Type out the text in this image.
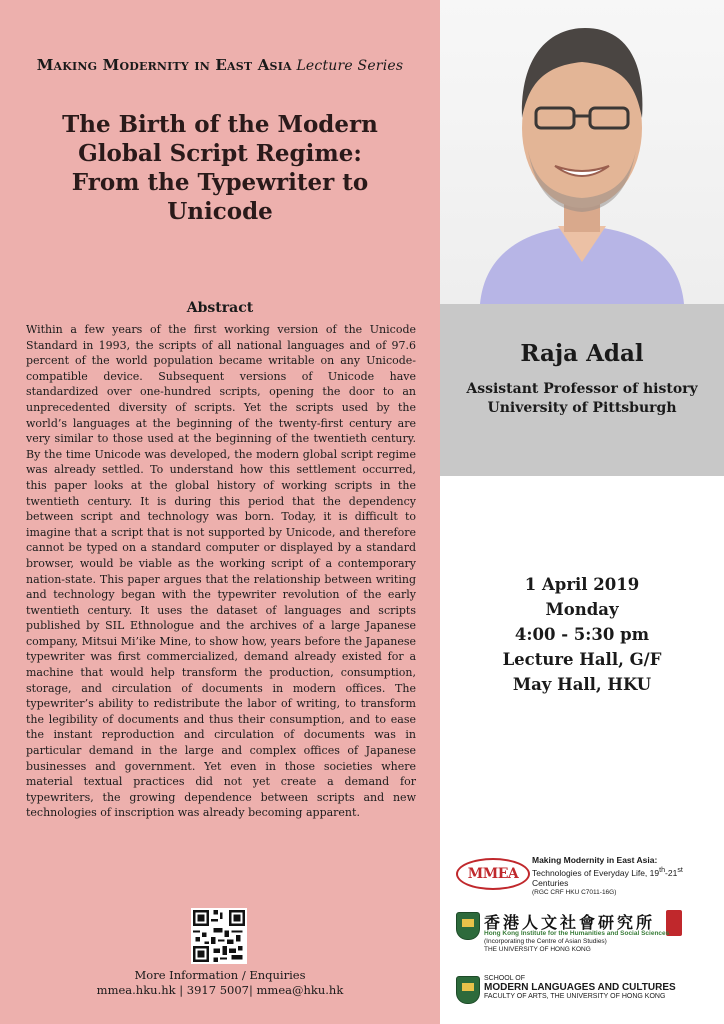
Making Modernity in East Asia Lecture Series
The Birth of the Modern
Global Script Regime:
From the Typewriter to Unicode
Abstract
Within a few years of the first working version of the Unicode Standard in 1993, the scripts of all national languages and of 97.6 percent of the world population became writable on any Unicode-compatible device. Subsequent versions of Unicode have standardized over one-hundred scripts, opening the door to an unprecedented diversity of scripts. Yet the scripts used by the world’s languages at the beginning of the twenty-first century are very similar to those used at the beginning of the twentieth century. By the time Unicode was developed, the modern global script regime was already settled. To understand how this settlement occurred, this paper looks at the global history of working scripts in the twentieth century. It is during this period that the dependency between script and technology was born. Today, it is difficult to imagine that a script that is not supported by Unicode, and therefore cannot be typed on a standard computer or displayed by a standard browser, would be viable as the working script of a contemporary nation-state. This paper argues that the relationship between writing and technology began with the typewriter revolution of the early twentieth century. It uses the dataset of languages and scripts published by SIL Ethnologue and the archives of a large Japanese company, Mitsui Mi’ike Mine, to show how, years before the Japanese typewriter was first commercialized, demand already existed for a machine that would help transform the production, consumption, storage, and circulation of documents in modern offices. The typewriter’s ability to redistribute the labor of writing, to transform the legibility of documents and thus their consumption, and to ease the instant reproduction and circulation of documents was in particular demand in the large and complex offices of Japanese businesses and government. Yet even in those societies where material textual practices did not yet create a demand for typewriters, the growing dependence between scripts and new technologies of inscription was already becoming apparent.
More Information / Enquiries
mmea.hku.hk | 3917 5007| mmea@hku.hk
Raja Adal
Assistant Professor of history
University of Pittsburgh
1 April 2019
Monday
4:00 - 5:30 pm
Lecture Hall, G/F
May Hall, HKU
MMEA
Making Modernity in East Asia:
Technologies of Everyday Life, 19th-21st Centuries
(RGC CRF HKU C7011-16G)
香港人文社會研究所
Hong Kong Institute for the Humanities and Social Sciences
(Incorporating the Centre of Asian Studies)
THE UNIVERSITY OF HONG KONG
SCHOOL OF
MODERN LANGUAGES AND CULTURES
FACULTY OF ARTS, THE UNIVERSITY OF HONG KONG
